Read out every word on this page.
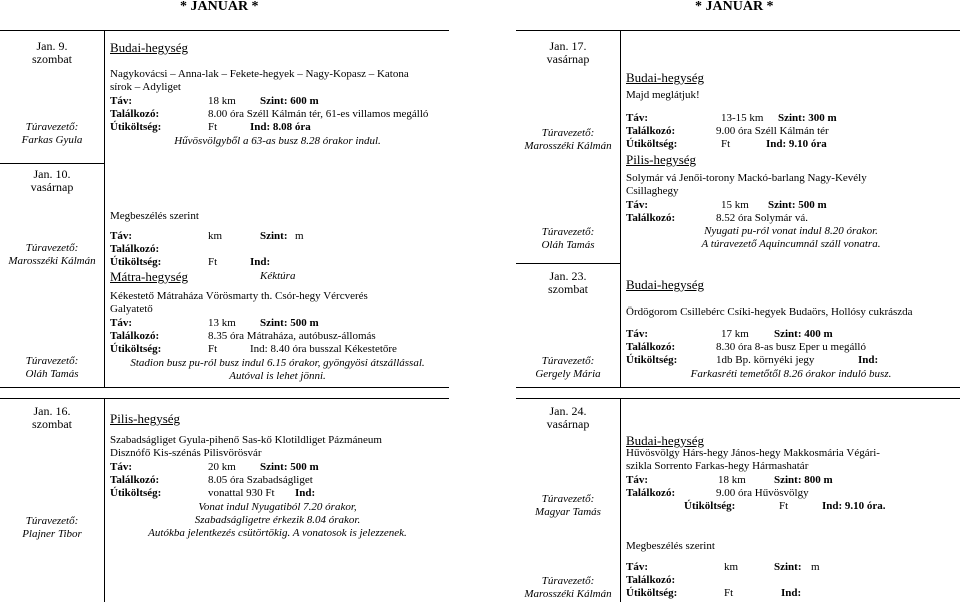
* JANUÁR *	* JANUÁR *
Jan. 9.
szombat
Túravezető:
Farkas Gyula
Budai-hegység
Nagykovácsi – Anna-lak – Fekete-hegyek – Nagy-Kopasz – Katona
sírok – Adyliget
Táv:	18 km Szint: 600 m
Találkozó:	8.00 óra Széll Kálmán tér, 61-es villamos megálló
Útiköltség:	Ft	Ind: 8.08 óra
Hűvösvölgyből a 63-as busz 8.28 órakor indul.
Jan. 10.
vasárnap
Túravezető:
Marosszéki Kálmán
Túravezető:
Oláh Tamás
Megbeszélés szerint
Táv:	km	Szint: m
Találkozó:
Útiköltség:	Ft	Ind:
Mátra-hegység	Kéktúra
Kékestető Mátraháza Vörösmarty th. Csór-hegy Vércverés
Galyatető
Táv:	13 km Szint: 500 m
Találkozó:	8.35 óra Mátraháza, autóbusz-állomás
Útiköltség:	Ft	Ind: 8.40 óra busszal Kékestetőre
Stadion busz pu-ról busz indul 6.15 órakor, gyöngyösi átszállással.
Autóval is lehet jönni.
Jan. 16.
szombat
Túravezető:
Plajner Tibor
Pilis-hegység
Szabadságliget Gyula-pihenő Sas-kő Klotildliget Pázmáneum
Disznófő Kis-szénás Pilisvörösvár
Táv:	20 km Szint: 500 m
Találkozó:	8.05 óra Szabadságliget
Útiköltség:	vonattal 930 Ft Ind:
Vonat indul Nyugatiból 7.20 órakor,
Szabadságligetre érkezik 8.04 órakor.
Autókba jelentkezés csütörtökig. A vonatosok is jelezzenek.
Jan. 17.
vasárnap
Túravezető:
Marosszéki Kálmán
Túravezető:
Oláh Tamás
Budai-hegység
Majd meglátjuk!
Táv:	13-15 km Szint: 300 m
Találkozó:	9.00 óra Széll Kálmán tér
Útiköltség:	Ft	Ind: 9.10 óra
Pilis-hegység
Solymár vá Jenői-torony Mackó-barlang Nagy-Kevély
Csillaghegy
Táv:	15 km Szint: 500 m
Találkozó:	8.52 óra Solymár vá.
Nyugati pu-ról vonat indul 8.20 órakor.
A túravezető Aquincumnál száll vonatra.
Jan. 23.
szombat
Túravezető:
Gergely Mária
Budai-hegység
Ördögorom Csillebérc Csíki-hegyek Budaörs, Hollósy cukrászda
Táv:	17 km Szint: 400 m
Találkozó:	8.30 óra 8-as busz Eper u megálló
Útiköltség:	1db Bp. környéki jegy	Ind:
Farkasréti temetőtől 8.26 órakor induló busz.
Jan. 24.
vasárnap
Túravezető:
Magyar Tamás
Túravezető:
Marosszéki Kálmán
Budai-hegység
Hűvösvölgy Hárs-hegy János-hegy Makkosmária Végári-
szikla Sorrento Farkas-hegy Hármashatár
Táv:	18 km	Szint: 800 m
Találkozó:	9.00 óra Hűvösvölgy
Útiköltség:	Ft	Ind: 9.10 óra.
Megbeszélés szerint
Táv:	km	Szint: m
Találkozó:
Útiköltség:	Ft	Ind:
